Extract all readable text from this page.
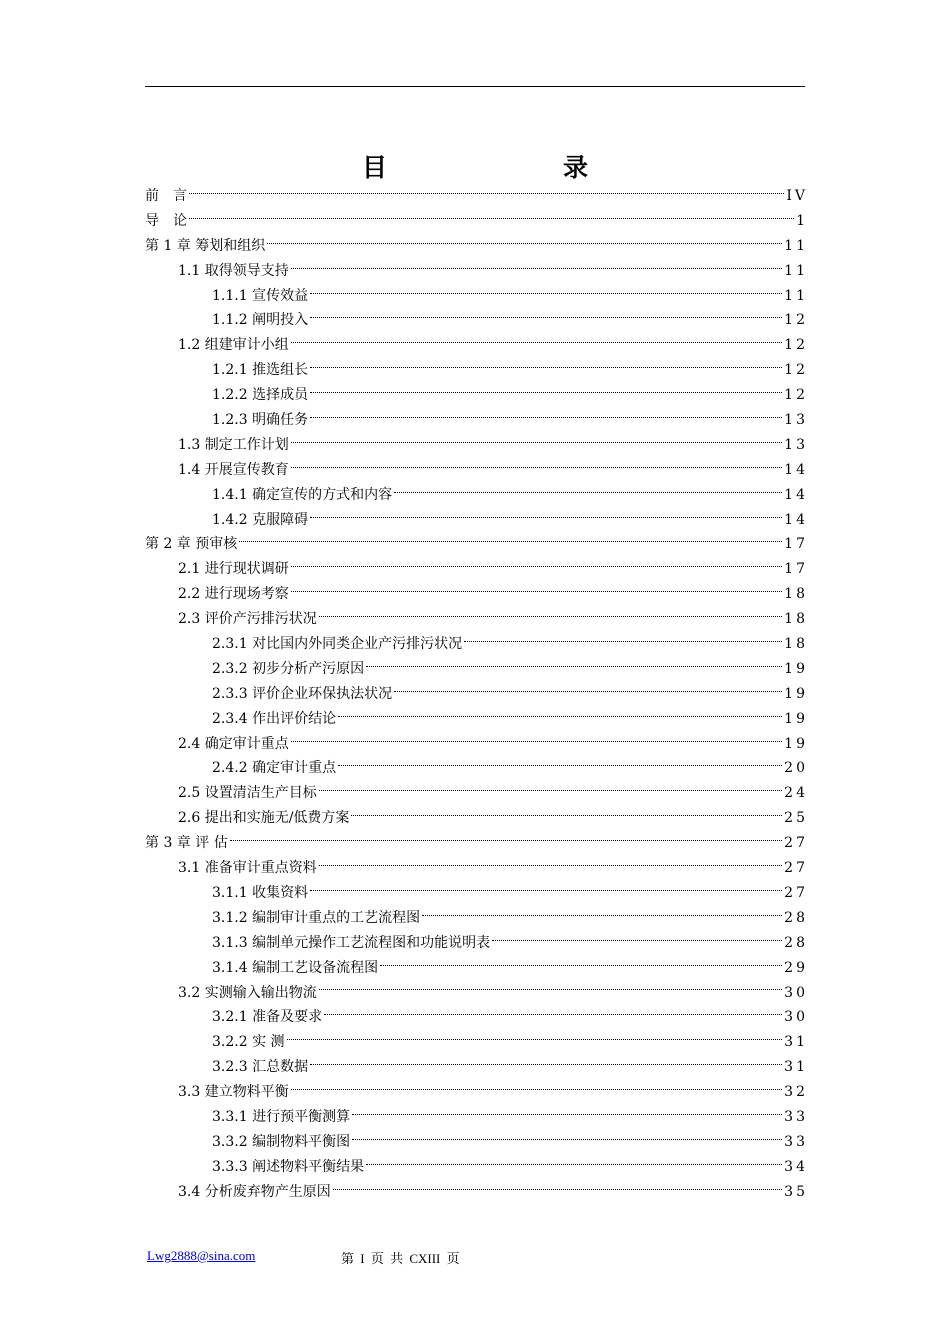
目　　录
前　言	IV
导　论	1
第 1 章 筹划和组织	11
1.1 取得领导支持	11
1.1.1 宣传效益	11
1.1.2 阐明投入	12
1.2 组建审计小组	12
1.2.1 推选组长	12
1.2.2 选择成员	12
1.2.3 明确任务	13
1.3 制定工作计划	13
1.4 开展宣传教育	14
1.4.1 确定宣传的方式和内容	14
1.4.2 克服障碍	14
第 2 章 预审核	17
2.1 进行现状调研	17
2.2 进行现场考察	18
2.3 评价产污排污状况	18
2.3.1 对比国内外同类企业产污排污状况	18
2.3.2 初步分析产污原因	19
2.3.3 评价企业环保执法状况	19
2.3.4 作出评价结论	19
2.4 确定审计重点	19
2.4.2 确定审计重点	20
2.5 设置清洁生产目标	24
2.6 提出和实施无/低费方案	25
第 3 章 评 估	27
3.1 准备审计重点资料	27
3.1.1 收集资料	27
3.1.2 编制审计重点的工艺流程图	28
3.1.3 编制单元操作工艺流程图和功能说明表	28
3.1.4 编制工艺设备流程图	29
3.2 实测输入输出物流	30
3.2.1 准备及要求	30
3.2.2 实 测	31
3.2.3 汇总数据	31
3.3 建立物料平衡	32
3.3.1 进行预平衡测算	33
3.3.2 编制物料平衡图	33
3.3.3 阐述物料平衡结果	34
3.4 分析废弃物产生原因	35
Lwg2888@sina.com	第 I 页 共 CXIII 页
